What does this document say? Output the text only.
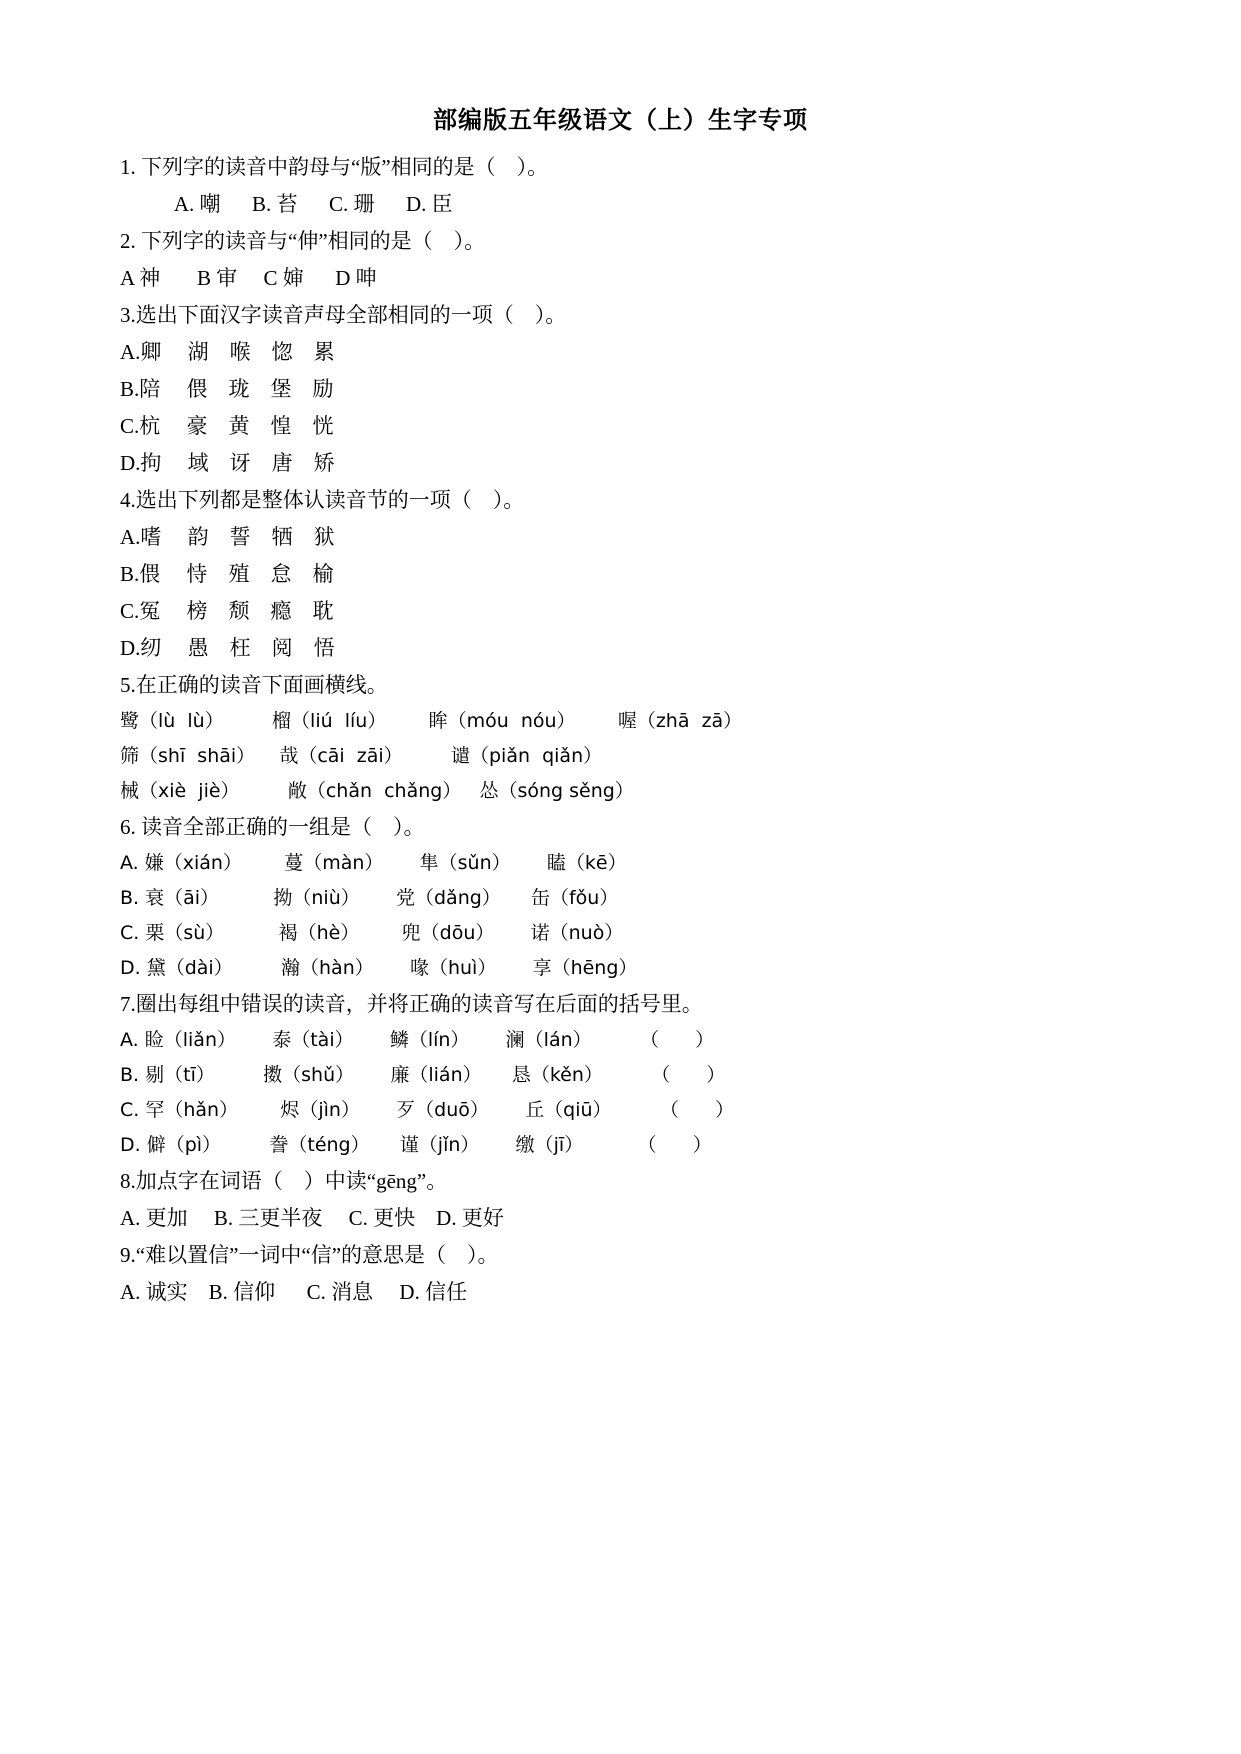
部编版五年级语文（上）生字专项
1. 下列字的读音中韵母与“版”相同的是（    ）。
A. 嘲      B. 苔      C. 珊      D. 臣
2. 下列字的读音与“伸”相同的是（    ）。
A 神       B 审     C 婶      D 呻
3.选出下面汉字读音声母全部相同的一项（    ）。
A.卿     湖    喉    惚    累
B.陪     偎    珑    堡    励
C.杭     豪    黄    惶    恍
D.拘     域    讶    唐    矫
4.选出下列都是整体认读音节的一项（    ）。
A.嗜     韵    誓    牺    狱
B.偎     恃    殖    怠    榆
C.冤     榜    颓    瘾    耽
D.纫     愚    枉    阅    悟
5.在正确的读音下面画横线。
鹭（lù  lù）        榴（liú  líu）       眸（móu  nóu）       喔（zhā  zā）
筛（shī  shāi）    哉（cāi  zāi）        谴（piǎn  qiǎn）
械（xiè  jiè）        敞（chǎn  chǎng）   怂（sóng sěng）
6. 读音全部正确的一组是（    ）。
A. 嫌（xián）       蔓（màn）      隼（sǔn）      瞌（kē）
B. 衰（āi）         拗（niù）      党（dǎng）     缶（fǒu）
C. 栗（sù）         褐（hè）       兜（dōu）      诺（nuò）
D. 黛（dài）        瀚（hàn）      喙（huì）      享（hēng）
7.圈出每组中错误的读音，并将正确的读音写在后面的括号里。
A. 睑（liǎn）      泰（tài）      鳞（lín）      澜（lán）        （      ）
B. 剔（tī）        擞（shǔ）      廉（lián）     恳（kěn）        （      ）
C. 罕（hǎn）       烬（jìn）      歹（duō）      丘（qiū）        （      ）
D. 僻（pì）        誊（téng）     谨（jǐn）      缴（jī）         （      ）
8.加点字在词语（    ）中读“gēng”。
A. 更加     B. 三更半夜     C. 更快    D. 更好
9.“难以置信”一词中“信”的意思是（    ）。
A. 诚实    B. 信仰      C. 消息     D. 信任
